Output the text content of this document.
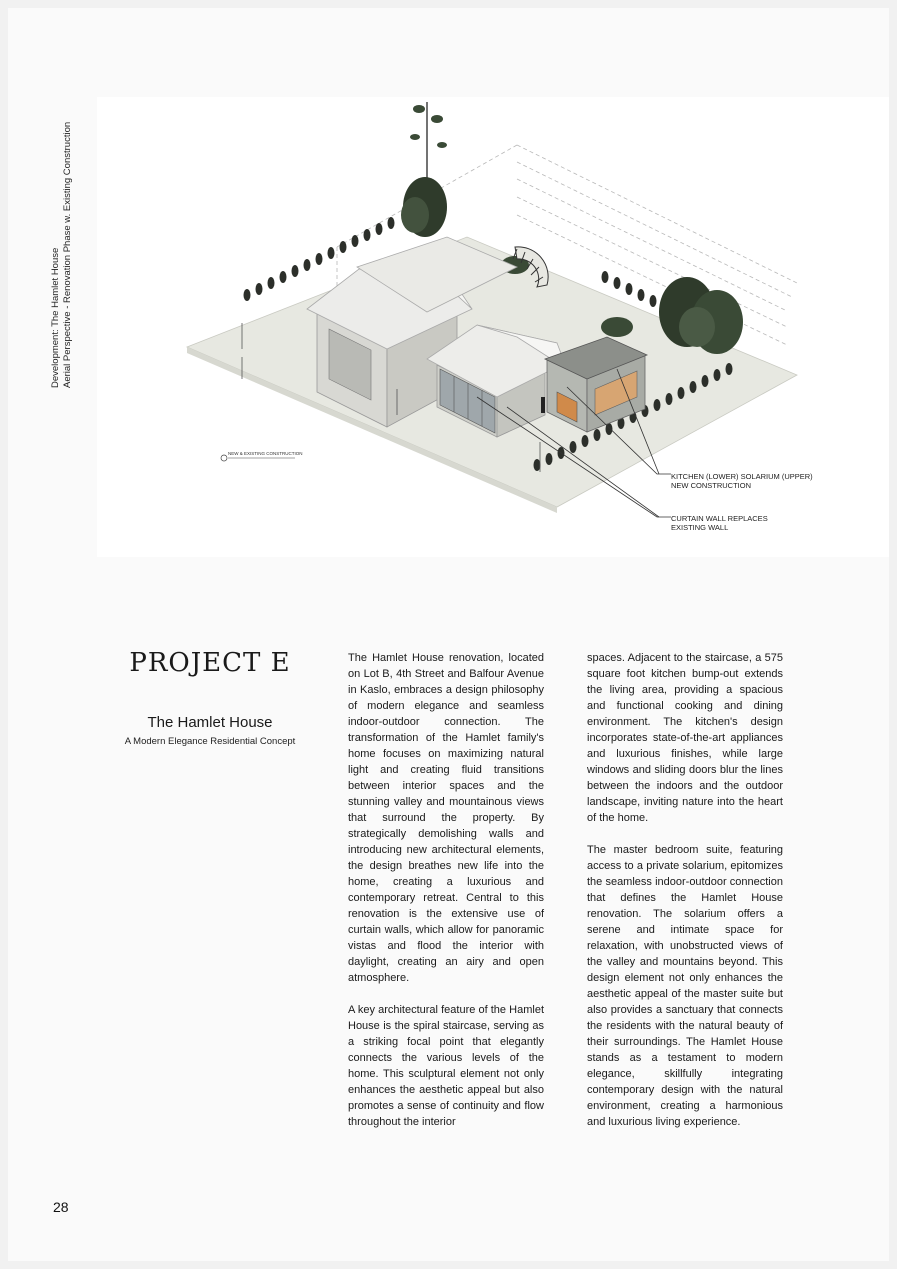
Development: The Hamlet House Aerial Perspective - Renovation Phase w. Existing Construction
NEW & EXISTING CONSTRUCTION
KITCHEN (LOWER) SOLARIUM (UPPER)
NEW CONSTRUCTION
CURTAIN WALL REPLACES
EXISTING WALL
PROJECT E
The Hamlet House
A Modern Elegance Residential Concept

The Hamlet House renovation, located on Lot B, 4th Street and Balfour Avenue in Kaslo, embraces a design philosophy of modern elegance and seamless indoor-outdoor connection. The transformation of the Hamlet family's home focuses on maximizing natural light and creating fluid transitions between interior spaces and the stunning valley and mountainous views that surround the property. By strategically demolishing walls and introducing new architectural elements, the design breathes new life into the home, creating a luxurious and contemporary retreat. Central to this renovation is the extensive use of curtain walls, which allow for panoramic vistas and flood the interior with daylight, creating an airy and open atmosphere.

A key architectural feature of the Hamlet House is the spiral staircase, serving as a striking focal point that elegantly connects the various levels of the home. This sculptural element not only enhances the aesthetic appeal but also promotes a sense of continuity and flow throughout the interior

spaces. Adjacent to the staircase, a 575 square foot kitchen bump-out extends the living area, providing a spacious and functional cooking and dining environment. The kitchen's design incorporates state-of-the-art appliances and luxurious finishes, while large windows and sliding doors blur the lines between the indoors and the outdoor landscape, inviting nature into the heart of the home.

The master bedroom suite, featuring access to a private solarium, epitomizes the seamless indoor-outdoor connection that defines the Hamlet House renovation. The solarium offers a serene and intimate space for relaxation, with unobstructed views of the valley and mountains beyond. This design element not only enhances the aesthetic appeal of the master suite but also provides a sanctuary that connects the residents with the natural beauty of their surroundings. The Hamlet House stands as a testament to modern elegance, skillfully integrating contemporary design with the natural environment, creating a harmonious and luxurious living experience.

28
